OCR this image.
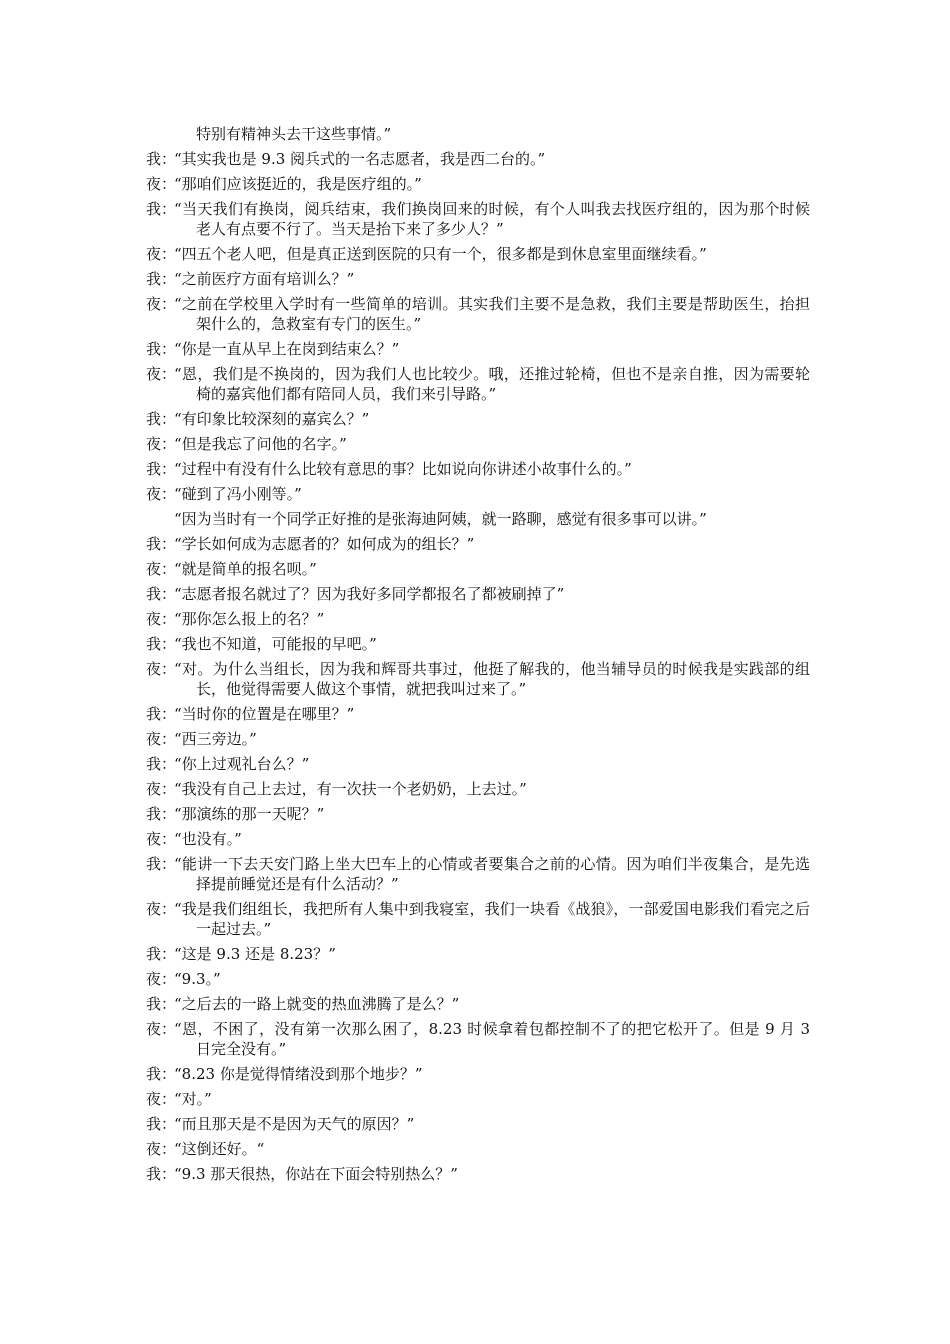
特别有精神头去干这些事情。”
我：
“其实我也是 9.3 阅兵式的一名志愿者，我是西二台的。”
夜：
“那咱们应该挺近的，我是医疗组的。”
我：
“当天我们有换岗，阅兵结束，我们换岗回来的时候，有个人叫我去找医疗组的，因为那个时候老人有点要不行了。当天是抬下来了多少人？”
夜：
“四五个老人吧，但是真正送到医院的只有一个，很多都是到休息室里面继续看。”
我：
“之前医疗方面有培训么？”
夜：
“之前在学校里入学时有一些简单的培训。其实我们主要不是急救，我们主要是帮助医生，抬担架什么的，急救室有专门的医生。”
我：
“你是一直从早上在岗到结束么？”
夜：
“恩，我们是不换岗的，因为我们人也比较少。哦，还推过轮椅，但也不是亲自推，因为需要轮椅的嘉宾他们都有陪同人员，我们来引导路。”
我：
“有印象比较深刻的嘉宾么？”
夜：
“但是我忘了问他的名字。”
我：
“过程中有没有什么比较有意思的事？比如说向你讲述小故事什么的。”
夜：
“碰到了冯小刚等。”
“因为当时有一个同学正好推的是张海迪阿姨，就一路聊，感觉有很多事可以讲。”
我：
“学长如何成为志愿者的？如何成为的组长？”
夜：
“就是简单的报名呗。”
我：
“志愿者报名就过了？因为我好多同学都报名了都被刷掉了”
夜：
“那你怎么报上的名？”
我：
“我也不知道，可能报的早吧。”
夜：
“对。为什么当组长，因为我和辉哥共事过，他挺了解我的，他当辅导员的时候我是实践部的组长，他觉得需要人做这个事情，就把我叫过来了。”
我：
“当时你的位置是在哪里？”
夜：
“西三旁边。”
我：
“你上过观礼台么？”
夜：
“我没有自己上去过，有一次扶一个老奶奶，上去过。”
我：
“那演练的那一天呢？”
夜：
“也没有。”
我：
“能讲一下去天安门路上坐大巴车上的心情或者要集合之前的心情。因为咱们半夜集合，是先选择提前睡觉还是有什么活动？”
夜：
“我是我们组组长，我把所有人集中到我寝室，我们一块看《战狼》，一部爱国电影我们看完之后一起过去。”
我：
“这是 9.3 还是 8.23？”
夜：
“9.3。”
我：
“之后去的一路上就变的热血沸腾了是么？”
夜：
“恩，不困了，没有第一次那么困了，8.23 时候拿着包都控制不了的把它松开了。但是 9 月 3 日完全没有。”
我：
“8.23 你是觉得情绪没到那个地步？”
夜：
“对。”
我：
“而且那天是不是因为天气的原因？”
夜：
“这倒还好。“
我：
“9.3 那天很热，你站在下面会特别热么？”
